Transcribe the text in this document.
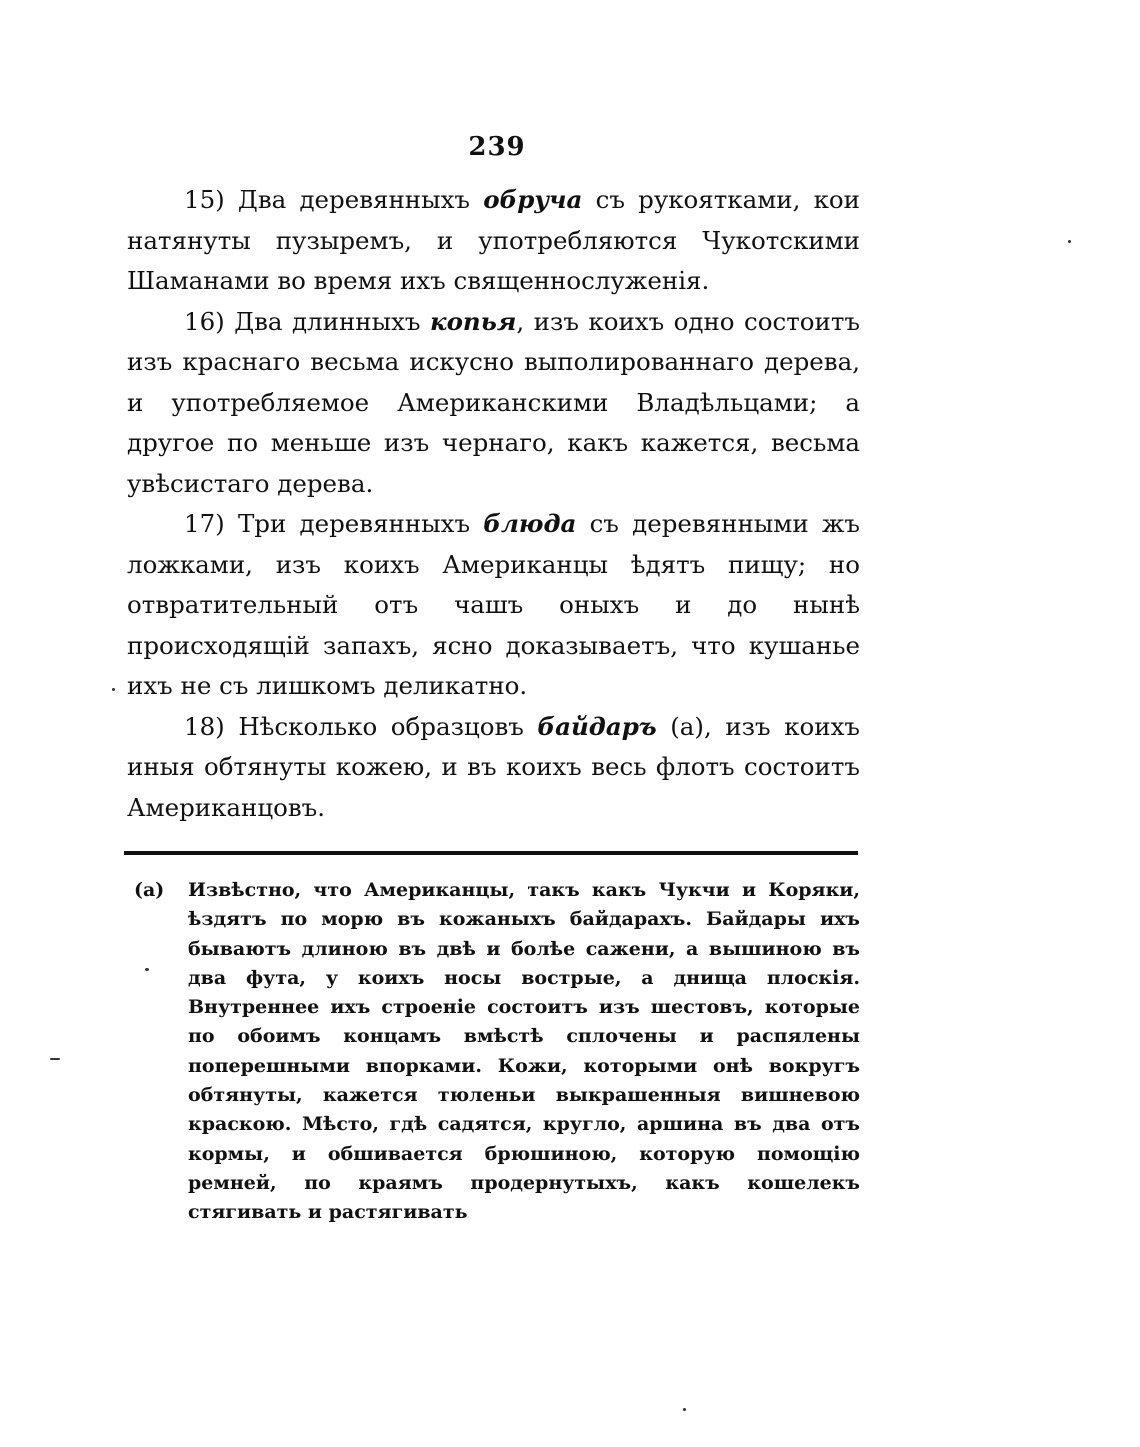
239

15) Два деревянныхъ обруча съ рукоятками, кои натянуты пузыремъ, и употребляются Чукотскими Шаманами во время ихъ священнослуженія.

16) Два длинныхъ копья, изъ коихъ одно состоитъ изъ краснаго весьма искусно выполированнаго дерева, и употребляемое Американскими Владѣльцами; а другое по меньше изъ чернаго, какъ кажется, весьма увѣсистаго дерева.

17) Три деревянныхъ блюда съ деревянными жъ ложками, изъ коихъ Американцы ѣдятъ пищу; но отвратительный отъ чашъ оныхъ и до нынѣ происходящій запахъ, ясно доказываетъ, что кушанье ихъ не съ лишкомъ деликатно.

18) Нѣсколько образцовъ байдаръ (а), изъ коихъ иныя обтянуты кожею, и въ коихъ весь флотъ состоитъ Американцовъ.

(а)	Извѣстно, что Американцы, такъ какъ Чукчи и Коряки, ѣздятъ по морю въ кожаныхъ байдарахъ. Байдары ихъ бываютъ длиною въ двѣ и болѣе сажени, а вышиною въ два фута, у коихъ носы вострые, а днища плоскія. Внутреннее ихъ строеніе состоитъ изъ шестовъ, которые по обоимъ концамъ вмѣстѣ сплочены и распялены поперешными впорками. Кожи, которыми онѣ вокругъ обтянуты, кажется тюленьи выкрашенныя вишневою краскою. Мѣсто, гдѣ садятся, кругло, аршина въ два отъ кормы, и обшивается брюшиною, которую помощію ремней, по краямъ продернутыхъ, какъ кошелекъ стягивать и растягивать
